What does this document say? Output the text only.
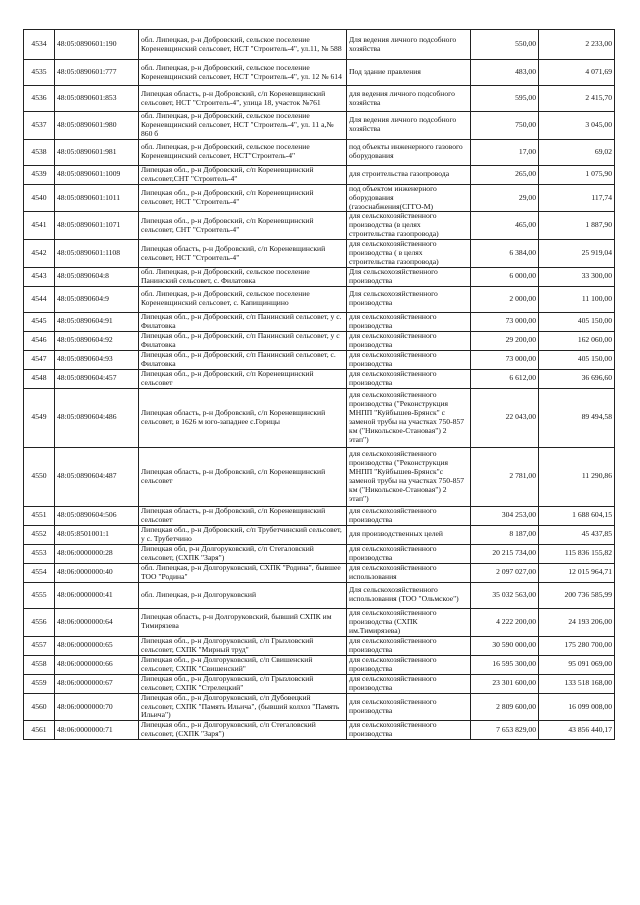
4534	48:05:0890601:190	обл. Липецкая, р-н Добровский, сельское поселение Кореневщинский сельсовет, НСТ "Строитель-4", ул.11, № 588	Для ведения личного подсобного хозяйства	550,00	2 233,00
4535	48:05:0890601:777	обл. Липецкая, р-н Добровский, сельское поселение Кореневщинский сельсовет, НСТ "Строитель-4", ул. 12 № 614	Под здание правления	483,00	4 071,69
4536	48:05:0890601:853	Липецкая область, р-н Добровский, с/п Кореневщинский сельсовет, НСТ "Строитель-4", улица 18, участок №761	для ведения личного подсобного хозяйства	595,00	2 415,70
4537	48:05:0890601:980	обл. Липецкая, р-н Добровский, сельское поселение Кореневщинский сельсовет, НСТ "Строитель-4", ул. 11 а,№ 860 б	Для ведения личного подсобного хозяйства	750,00	3 045,00
4538	48:05:0890601:981	обл. Липецкая, р-н Добровский, сельское поселение Кореневщинский сельсовет, НСТ"Строитель-4"	под объекты инженерного газового оборудования	17,00	69,02
4539	48:05:0890601:1009	Липецкая обл., р-н Добровский, с/п Кореневщинский сельсовет,СНТ "Строитель-4"	для строительства газопровода	265,00	1 075,90
4540	48:05:0890601:1011	Липецкая обл., р-н Добровский, с/п Кореневщинский сельсовет, НСТ "Строитель-4"	под объектом инженерного оборудования (газоснабжения(СГГО-М)	29,00	117,74
4541	48:05:0890601:1071	Липецкая обл., р-н Добровский, с/п Кореневщинский сельсовет, СНТ "Строитель-4"	для сельскохозяйственного производства (в целях строительства газопровода)	465,00	1 887,90
4542	48:05:0890601:1108	Липецкая область, р-н Добровский, с/п Кореневщинский сельсовет, НСТ "Строитель-4"	для сельскохозяйственного производства ( в целях строительства газопровода)	6 384,00	25 919,04
4543	48:05:0890604:8	обл. Липецкая, р-н Добровский, сельское поселение Панинский сельсовет, с. Филатовка	Для сельскохозяйственного производства	6 000,00	33 300,00
4544	48:05:0890604:9	обл. Липецкая, р-н Добровский, сельское поселение Кореневщинский сельсовет, с. Капищинщино	Для сельскохозяйственного производства	2 000,00	11 100,00
4545	48:05:0890604:91	Липецкая обл., р-н Добровский, с/п Панинский сельсовет, у с. Филатовка	для сельскохозяйственного производства	73 000,00	405 150,00
4546	48:05:0890604:92	Липецкая обл., р-н Добровский, с/п Панинский сельсовет, у с Филатовка	для сельскохозяйственного производства	29 200,00	162 060,00
4547	48:05:0890604:93	Липецкая обл., р-н Добровский, с/п Панинский сельсовет, с. Филатовка	для сельскохозяйственного производства	73 000,00	405 150,00
4548	48:05:0890604:457	Липецкая обл., р-н Добровский, с/п Кореневщинский сельсовет	для сельскохозяйственного производства	6 612,00	36 696,60
4549	48:05:0890604:486	Липецкая область, р-н Добровский, с/п Кореневщинский сельсовет, в 1626 м юго-западнее с.Горицы	для сельскохозяйственного производства ("Реконструкция МНПП "Куйбышев-Брянск" с заменой трубы на участках 750-857 км ("Никольское-Становая") 2 этап")	22 043,00	89 494,58
4550	48:05:0890604:487	Липецкая область, р-н Добровский, с/п Кореневщинский сельсовет	для сельскохозяйственного производства ("Реконструкция МНПП "Куйбышев-Брянск"с заменой трубы на участках 750-857 км ("Никольское-Становая") 2 этап")	2 781,00	11 290,86
4551	48:05:0890604:506	Липецкая область, р-н Добровский, с/п Кореневщинский сельсовет	для сельскохозяйственного производства	304 253,00	1 688 604,15
4552	48:05:8501001:1	Липецкая обл., р-н Добровский, с/п Трубетчинский сельсовет, у с. Трубетчино	для производственных целей	8 187,00	45 437,85
4553	48:06:0000000:28	Липецкая обл, р-н Долгоруковский, с/п Стегаловский сельсовет, (СХПК "Заря")	для сельскохозяйственного производства	20 215 734,00	115 836 155,82
4554	48:06:0000000:40	обл. Липецкая, р-н Долгоруковский, СХПК "Родина", бывшее ТОО "Родина"	для сельскохозяйственного использования	2 097 027,00	12 015 964,71
4555	48:06:0000000:41	обл. Липецкая, р-н Долгоруковский	Для сельскохозяйственного использования (ТОО "Ольмское")	35 032 563,00	200 736 585,99
4556	48:06:0000000:64	Липецкая область, р-н Долгоруковский, бывший СХПК им Тимирязева	для сельскохозяйственного производства (СХПК им.Тимирязева)	4 222 200,00	24 193 206,00
4557	48:06:0000000:65	Липецкая обл., р-н Долгоруковский, с/п Грызловский сельсовет, СХПК "Мирный труд"	для сельскохозяйственного производства	30 590 000,00	175 280 700,00
4558	48:06:0000000:66	Липецкая обл., р-н Долгоруковский, с/п Свишенский сельсовет, СХПК "Свишенский"	для сельскохозяйственного производства	16 595 300,00	95 091 069,00
4559	48:06:0000000:67	Липецкая обл., р-н Долгоруковский, с/п Грызловский сельсовет, СХПК "Стрелецкий"	для сельскохозяйственного производства	23 301 600,00	133 518 168,00
4560	48:06:0000000:70	Липецкая обл., р-н Долгоруковский, с/п Дубовецкий сельсовет, СХПК "Память Ильича", (бывший колхоз "Память Ильича")	для сельскохозяйственного производства	2 809 600,00	16 099 008,00
4561	48:06:0000000:71	Липецкая обл., р-н Долгоруковский, с/п Стегаловский сельсовет, (СХПК "Заря")	для сельскохозяйственного производства	7 653 829,00	43 856 440,17
